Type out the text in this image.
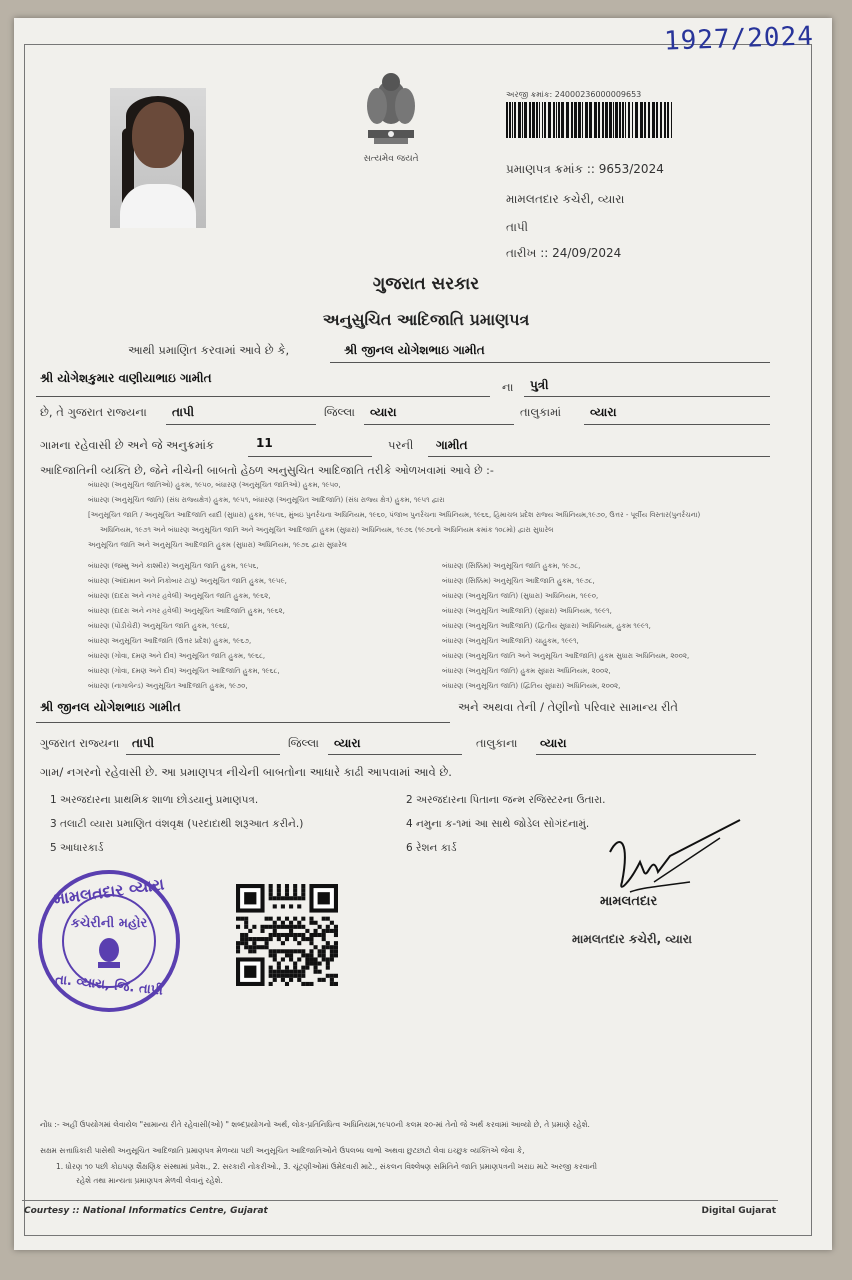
1927/2024
સત્યમેવ જયતે
અરજી ક્રમાંક: 24000236000009653
પ્રમાણપત્ર ક્રમાંક :: 9653/2024
મામલતદાર કચેરી, વ્યારા
તાપી
તારીખ :: 24/09/2024
ગુજરાત સરકાર
અનુસુચિત આદિજાતિ પ્રમાણપત્ર
આથી પ્રમાણિત કરવામાં આવે છે કે,	શ્રી જીનલ યોગેશભાઇ ગામીત
શ્રી યોગેશકુમાર વાણીયાભાઇ ગામીત
ના પુત્રી
છે, તે ગુજરાત રાજ્યના તાપી	જિલ્લા વ્યારા	તાલુકામાં વ્યારા
ગામના રહેવાસી છે અને જે અનુક્રમાંક	11	પરની ગામીત
આદિજાતિની વ્યક્તિ છે, જેને નીચેની બાબતો હેઠળ અનુસુચિત આદિજાતિ તરીકે ઓળખવામાં આવે છે :-
બંધારણ (અનુસૂચિત જાતિઓ) હુકમ, ૧૯૫૦, બંધારણ (અનુસૂચિત જાતિઓ) હુકમ, ૧૯૫૦,
બંધારણ (અનુસૂચિત જાતિ) (સંઘ રાજ્યક્ષેત્ર) હુકમ, ૧૯૫૧, બંધારણ (અનુસૂચિત આદિજાતિ) (સંઘ રાજ્ય ક્ષેત્ર) હુકમ, ૧૯૫૧ દ્વારા
[અનુસૂચિત જાતિ / અનુસૂચિત આદિજાતિ યાદી (સુધારા) હુકમ, ૧૯૫૬, મુંબઇ પુનર્રચના અધિનિયમ, ૧૯૬૦, પંજાબ પુનર્રચના અધિનિયમ, ૧૯૬૬, હિમાચલ પ્રદેશ રાજ્ય અધિનિયમ,૧૯૭૦, ઉત્તર - પૂર્વીય વિસ્તાર(પુનર્રચના)
અધિનિયમ, ૧૯૭૧ અને બંધારણ અનુસૂચિત જાતિ અને અનુસૂચિત આદિજાતિ હુકમ (સુધારા) અધિનિયમ, ૧૯૭૬ (૧૯૭૬નો અધિનિયમ ક્રમાંક ૧૦૮મો) દ્વારા સુધારેલ
અનુસૂચિત જાતિ અને અનુસૂચિત આદિજાતિ હુકમ (સુધારા) અધિનિયમ, ૧૯૭૬ દ્વારા સુધારેલ
બંધારણ (જમ્મુ અને કાશ્મીર) અનુસૂચિત જાતિ હુકમ, ૧૯૫૬,
બંધારણ (આંદામાન અને નિકોબાર ટાપુ) અનુસૂચિત જાતિ હુકમ, ૧૯૫૯,
બંધારણ (દાદરા અને નગર હવેલી) અનુસૂચિત જાતિ હુકમ, ૧૯૬૨,
બંધારણ (દાદરા અને નગર હવેલી) અનુસૂચિત આદિજાતિ હુકમ, ૧૯૬૨,
બંધારણ (પોંડીચેરી) અનુસૂચિત જાતિ હુકમ, ૧૯૬૪,
બંધારણ અનુસૂચિત આદિજાતિ (ઉત્તર પ્રદેશ) હુકમ, ૧૯૬૭,
બંધારણ (ગોવા, દમણ અને દીવ) અનુસૂચિત જાતિ હુકમ, ૧૯૬૮,
બંધારણ (ગોવા, દમણ અને દીવ) અનુસૂચિત આદિજાતિ હુકમ, ૧૯૬૮,
બંધારણ (નાગાલેન્ડ) અનુસૂચિત આદિજાતિ હુકમ, ૧૯૭૦,
બંધારણ (સિક્કિમ) અનુસૂચિત જાતિ હુકમ, ૧૯૭૮,
બંધારણ (સિક્કિમ) અનુસૂચિત આદિજાતિ હુકમ, ૧૯૭૮,
બંધારણ (અનુસૂચિત જાતિ) (સુધારા) અધિનિયમ, ૧૯૯૦,
બંધારણ (અનુસૂચિત આદિજાતિ) (સુધારા) અધિનિયમ, ૧૯૯૧,
બંધારણ (અનુસૂચિત આદિજાતિ) (દ્વિતીય સુધારા) અધિનિયમ, હુકમ ૧૯૯૧,
બંધારણ (અનુસૂચિત આદિજાતિ) ચાહુકમ, ૧૯૯૧,
બંધારણ (અનુસૂચિત જાતિ અને અનુસૂચિત આદિજાતિ) હુકમ સુધારા અધિનિયમ, ૨૦૦૨,
બંધારણ (અનુસૂચિત જાતિ) હુકમ સુધારા અધિનિયમ, ૨૦૦૨,
બંધારણ (અનુસૂચિત જાતિ) (દ્વિતિય સુધારા) અધિનિયમ, ૨૦૦૨,
શ્રી જીનલ યોગેશભાઇ ગામીત	અને અથવા તેની / તેણીનો પરિવાર સામાન્ય રીતે
ગુજરાત રાજ્યના તાપી	જિલ્લા વ્યારા	તાલુકાના વ્યારા
ગામ/ નગરનો રહેવાસી છે. આ પ્રમાણપત્ર નીચેની બાબતોના આધારે કાઢી આપવામાં આવે છે.
1 અરજદારના પ્રાથમિક શાળા છોડયાનું પ્રમાણપત્ર.	2 અરજદારના પિતાના જન્મ રજિસ્ટરના ઉતારા.
3 તલાટી વ્યારા પ્રમાણિત વંશવૃક્ષ (પરદાદાથી શરૂઆત કરીને.)	4 નમુના ક-૧માં આ સાથે જોડેલ સોગંદનામું.
5 આધારકાર્ડ	6 રેશન કાર્ડ
મામલતદાર વ્યારા
કચેરીની મહોર
તા. વ્યારા, જિ. તાપી
મામલતદાર
મામલતદાર કચેરી, વ્યારા
નોંધ :- અહીં ઉપયોગમાં લેવાયેલ "સામાન્ય રીતે રહેવાસી(ઓ) " શબ્દપ્રયોગનો અર્થ, લોક-પ્રતિનિધિત્વ અધિનિયમ,૧૯૫૦ની કલમ ૨૦-માં તેનો જે અર્થ કરવામાં આવ્યો છે, તે પ્રમાણે રહેશે.
સક્ષમ સત્તાધિકારી પાસેથી અનુસૂચિત આદિજાતિ પ્રમાણપત્ર મેળવ્યા પછી અનુસૂચિત આદિજાતિઓને ઉપલબ્ધ લાભો અથવા છુટછાટો લેવા ઇચ્છુક વ્યક્તિએ જેવા કે,
1. ધોરણ ૧૦ પછી કોઇપણ શૈક્ષણિક સંસ્થામાં પ્રવેશ., 2. સરકારી નોકરીઓ., 3. ચૂંટણીઓમાં ઉમેદવારી માટે., સંકલન વિશ્લેષણ સમિતિને જાતિ પ્રમાણપત્રની ખરાઇ માટે અરજી કરવાની
રહેશે તથા માન્યતા પ્રમાણપત્ર મેળવી લેવાનું રહેશે.
Courtesy :: National Informatics Centre, Gujarat	Digital Gujarat
